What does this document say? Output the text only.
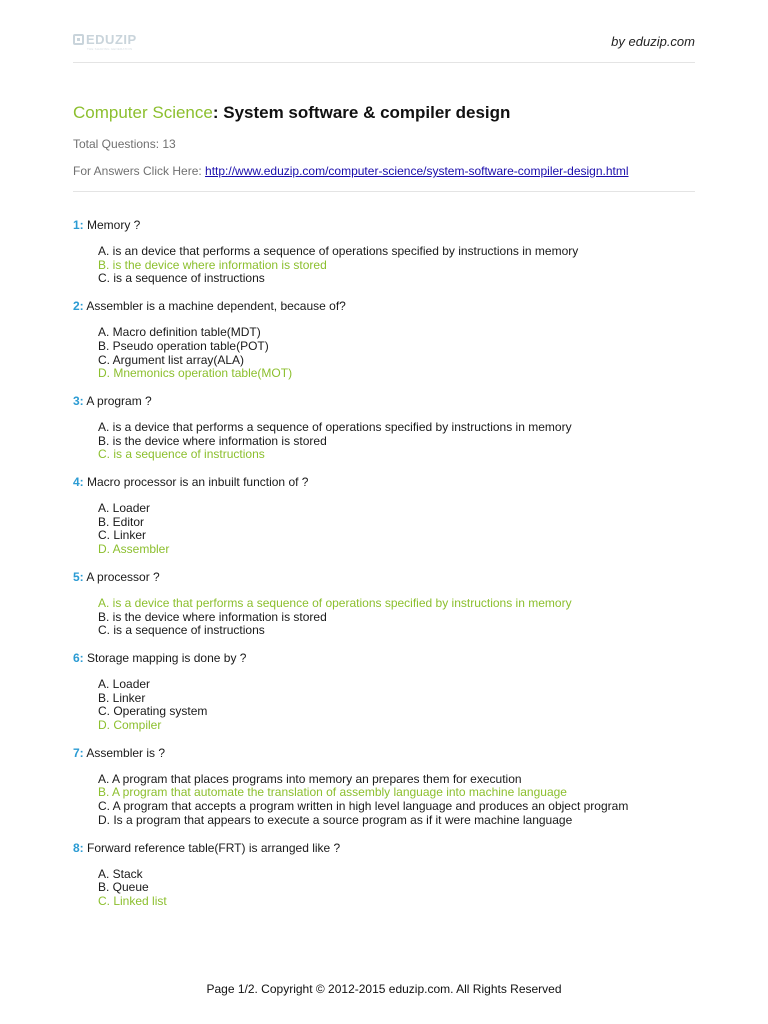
EDUZIP
THE SHARING GENERATION	by eduzip.com
Computer Science: System software & compiler design
Total Questions: 13
For Answers Click Here: http://www.eduzip.com/computer-science/system-software-compiler-design.html
1: Memory ?
A. is an device that performs a sequence of operations specified by instructions in memory
B. is the device where information is stored
C. is a sequence of instructions
2: Assembler is a machine dependent, because of?
A. Macro definition table(MDT)
B. Pseudo operation table(POT)
C. Argument list array(ALA)
D. Mnemonics operation table(MOT)
3: A program ?
A. is a device that performs a sequence of operations specified by instructions in memory
B. is the device where information is stored
C. is a sequence of instructions
4: Macro processor is an inbuilt function of ?
A. Loader
B. Editor
C. Linker
D. Assembler
5: A processor ?
A. is a device that performs a sequence of operations specified by instructions in memory
B. is the device where information is stored
C. is a sequence of instructions
6: Storage mapping is done by ?
A. Loader
B. Linker
C. Operating system
D. Compiler
7: Assembler is ?
A. A program that places programs into memory an prepares them for execution
B. A program that automate the translation of assembly language into machine language
C. A program that accepts a program written in high level language and produces an object program
D. Is a program that appears to execute a source program as if it were machine language
8: Forward reference table(FRT) is arranged like ?
A. Stack
B. Queue
C. Linked list
Page 1/2. Copyright © 2012-2015 eduzip.com. All Rights Reserved
